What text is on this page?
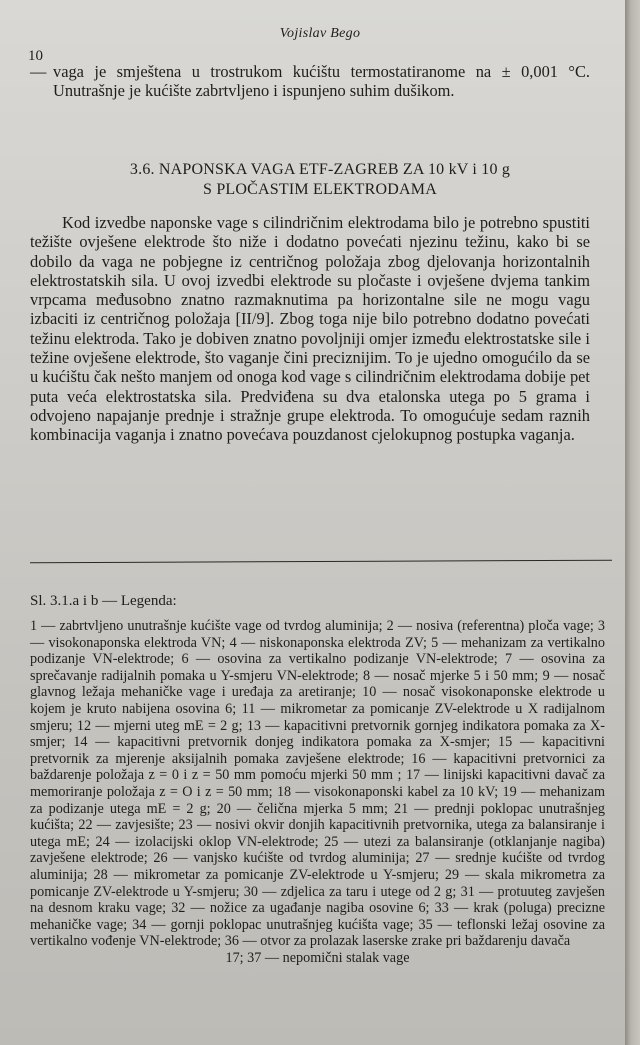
Vojislav Bego
10
— vaga je smještena u trostrukom kućištu termostatiranome na ± 0,001 °C. Unutrašnje je kućište zabrtvljeno i ispunjeno suhim dušikom.
3.6. NAPONSKA VAGA ETF-ZAGREB ZA 10 kV i 10 g
S PLOČASTIM ELEKTRODAMA
Kod izvedbe naponske vage s cilindričnim elektrodama bilo je potrebno spustiti težište ovješene elektrode što niže i dodatno povećati njezinu težinu, kako bi se dobilo da vaga ne pobjegne iz centričnog položaja zbog djelovanja horizontalnih elektrostatskih sila. U ovoj izvedbi elektrode su pločaste i ovješene dvjema tankim vrpcama međusobno znatno razmaknutima pa horizontalne sile ne mogu vagu izbaciti iz centričnog položaja [II/9]. Zbog toga nije bilo potrebno dodatno povećati težinu elektroda. Tako je dobiven znatno povoljniji omjer između elektrostatske sile i težine ovješene elektrode, što vaganje čini preciznijim. To je ujedno omogućilo da se u kućištu čak nešto manjem od onoga kod vage s cilindričnim elektrodama dobije pet puta veća elektrostatska sila. Predviđena su dva etalonska utega po 5 grama i odvojeno napajanje prednje i stražnje grupe elektroda. To omogućuje sedam raznih kombinacija vaganja i znatno povećava pouzdanost cjelokupnog postupka vaganja.
Sl. 3.1.a i b — Legenda:
1 — zabrtvljeno unutrašnje kućište vage od tvrdog aluminija; 2 — nosiva (referentna) ploča vage; 3 — visokonaponska elektroda VN; 4 — niskonaponska elektroda ZV; 5 — mehanizam za vertikalno podizanje VN-elektrode; 6 — osovina za vertikalno podizanje VN-elektrode; 7 — osovina za sprečavanje radijalnih pomaka u Y-smjeru VN-elektrode; 8 — nosač mjerke 5 i 50 mm; 9 — nosač glavnog ležaja mehaničke vage i uređaja za aretiranje; 10 — nosač visokonaponske elektrode u kojem je kruto nabijena osovina 6; 11 — mikrometar za pomicanje ZV-elektrode u X radijalnom smjeru; 12 — mjerni uteg mE = 2 g; 13 — kapacitivni pretvornik gornjeg indikatora pomaka za X-smjer; 14 — kapacitivni pretvornik donjeg indikatora pomaka za X-smjer; 15 — kapacitivni pretvornik za mjerenje aksijalnih pomaka zavješene elektrode; 16 — kapacitivni pretvornici za baždarenje položaja z = 0 i z = 50 mm pomoću mjerki 50 mm ; 17 — linijski kapacitivni davač za memoriranje položaja z = O i z = 50 mm; 18 — visokonaponski kabel za 10 kV; 19 — mehanizam za podizanje utega mE = 2 g; 20 — čelična mjerka 5 mm; 21 — prednji poklopac unutrašnjeg kućišta; 22 — zavjesište; 23 — nosivi okvir donjih kapacitivnih pretvornika, utega za balansiranje i utega mE; 24 — izolacijski oklop VN-elektrode; 25 — utezi za balansiranje (otklanjanje nagiba) zavješene elektrode; 26 — vanjsko kućište od tvrdog aluminija; 27 — srednje kućište od tvrdog aluminija; 28 — mikrometar za pomicanje ZV-elektrode u Y-smjeru; 29 — skala mikrometra za pomicanje ZV-elektrode u Y-smjeru; 30 — zdjelica za taru i utege od 2 g; 31 — protuuteg zavješen na desnom kraku vage; 32 — nožice za ugađanje nagiba osovine 6; 33 — krak (poluga) precizne mehaničke vage; 34 — gornji poklopac unutrašnjeg kućišta vage; 35 — teflonski ležaj osovine za vertikalno vođenje VN-elektrode; 36 — otvor za prolazak laserske zrake pri baždarenju davača
17; 37 — nepomični stalak vage
